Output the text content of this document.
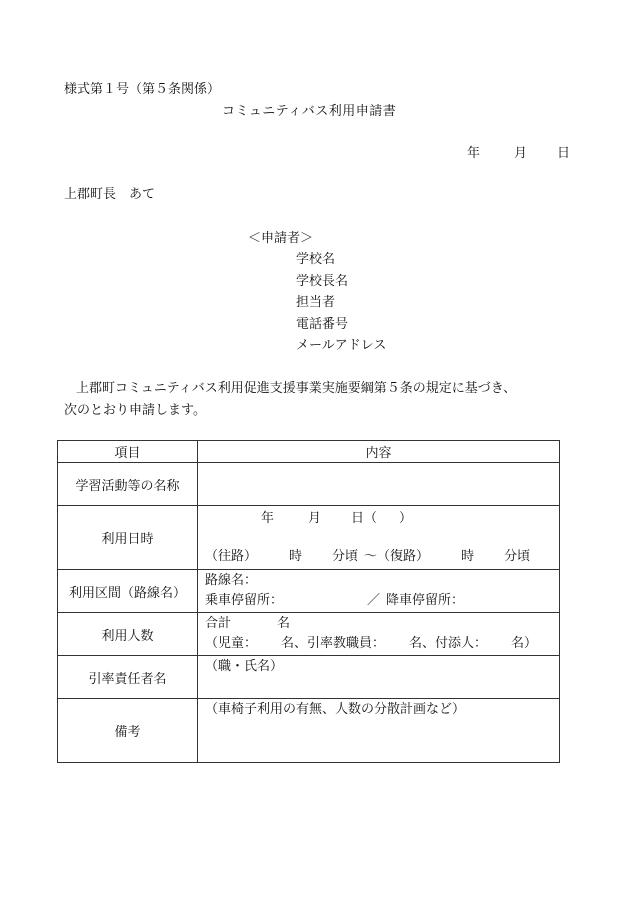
様式第１号（第５条関係）
コミュニティバス利用申請書
年	月 日
上郡町長　あて
＜申請者＞
学校名
学校長名
担当者
電話番号
メールアドレス

上郡町コミュニティバス利用促進支援事業実施要綱第５条の規定に基づき、

次のとおり申請します。

項目	内容
学習活動等の名称	
利用日時	年 月 日（ ）
（往路） 時 分頃 ～（復路） 時 分頃

利用区間（路線名）	路線名：
乗車停留所： ／ 降車停留所：

利用人数	合計 名
（児童： 名、引率教職員： 名、付添人： 名）

引率責任者名	（職・氏名）

備考	（車椅子利用の有無、人数の分散計画など）
